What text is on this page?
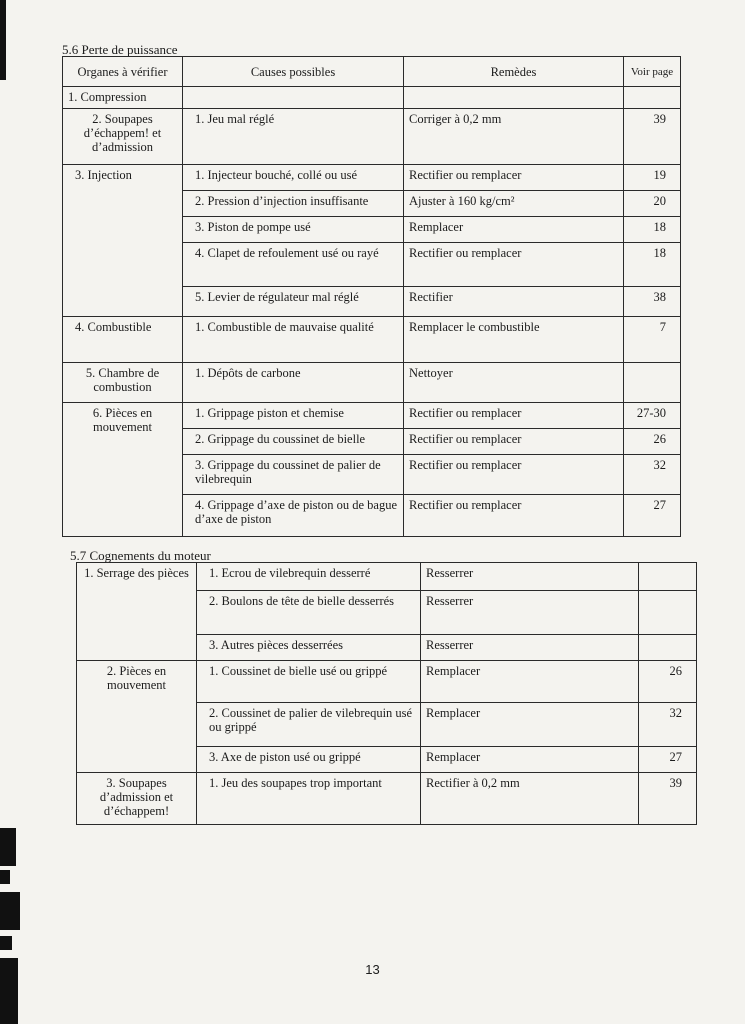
5.6 Perte de puissance
Organes à vérifier	Causes possibles	Remèdes	Voir page
1. Compression			
2. Soupapes d’échappem! et d’admission	1. Jeu mal réglé	Corriger à 0,2 mm	39
3. Injection	1. Injecteur bouché, collé ou usé	Rectifier ou remplacer	19
	2. Pression d’injection insuffisante	Ajuster à 160 kg/cm²	20
	3. Piston de pompe usé	Remplacer	18
	4. Clapet de refoulement usé ou rayé	Rectifier ou remplacer	18
	5. Levier de régulateur mal réglé	Rectifier	38
4. Combustible	1. Combustible de mauvaise qualité	Remplacer le combustible	7
5. Chambre de combustion	1. Dépôts de carbone	Nettoyer	
6. Pièces en mouvement	1. Grippage piston et chemise	Rectifier ou remplacer	27-30
	2. Grippage du coussinet de bielle	Rectifier ou remplacer	26
	3. Grippage du coussinet de palier de vilebrequin	Rectifier ou remplacer	32
	4. Grippage d’axe de piston ou de bague d’axe de piston	Rectifier ou remplacer	27
5.7 Cognements du moteur
1. Serrage des pièces	1. Ecrou de vilebrequin desserré	Resserrer	
	2. Boulons de tête de bielle desserrés	Resserrer	
	3. Autres pièces desserrées	Resserrer	
2. Pièces en mouvement	1. Coussinet de bielle usé ou grippé	Remplacer	26
	2. Coussinet de palier de vilebrequin usé ou grippé	Remplacer	32
	3. Axe de piston usé ou grippé	Remplacer	27
3. Soupapes d’admission et d’échappem!	1. Jeu des soupapes trop important	Rectifier à 0,2 mm	39
13
